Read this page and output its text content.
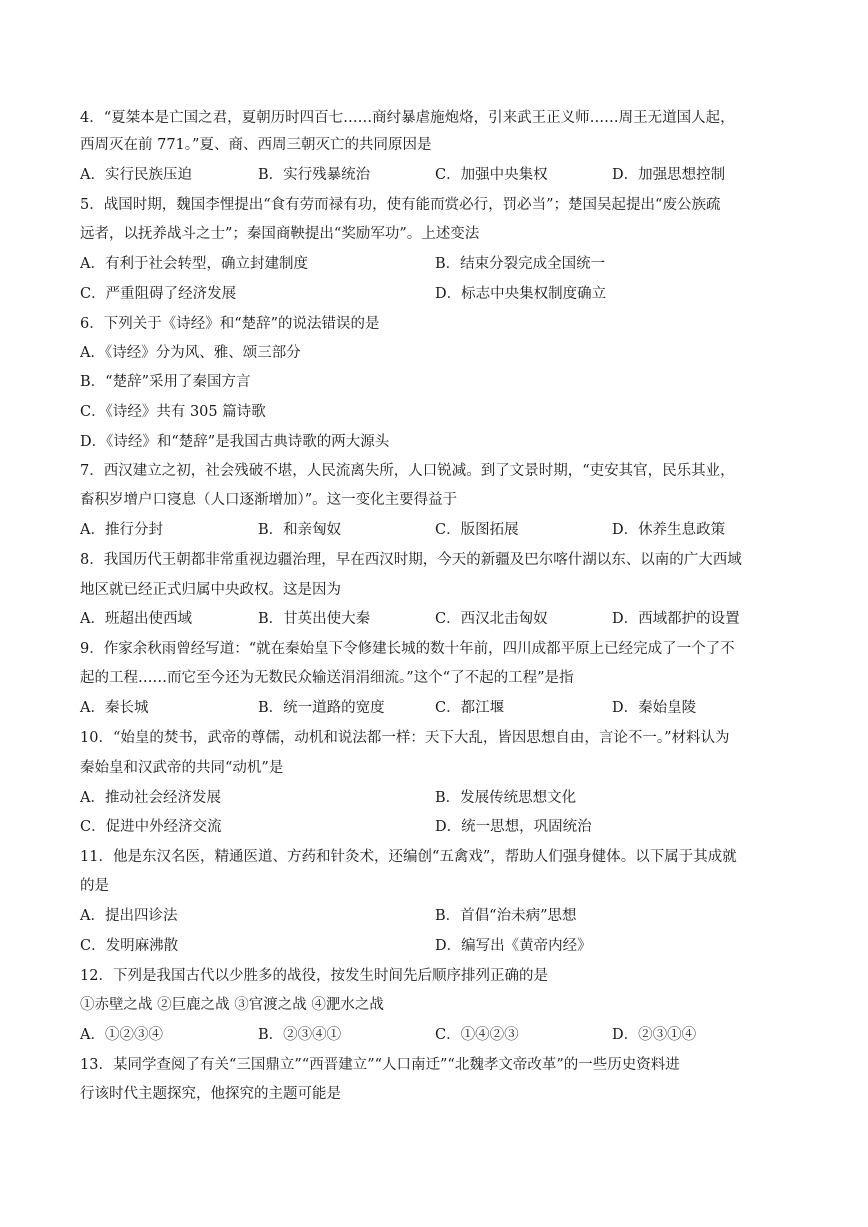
4．“夏桀本是亡国之君，夏朝历时四百七……商纣暴虐施炮烙，引来武王正义师……周王无道国人起，
西周灭在前 771。”夏、商、西周三朝灭亡的共同原因是
A．实行民族压迫	B．实行残暴统治	C．加强中央集权	D．加强思想控制
5．战国时期，魏国李悝提出“食有劳而禄有功，使有能而赏必行，罚必当”；楚国吴起提出“废公族疏
远者，以抚养战斗之士”；秦国商鞅提出“奖励军功”。上述变法
A．有利于社会转型，确立封建制度	B．结束分裂完成全国统一
C．严重阻碍了经济发展	D．标志中央集权制度确立
6．下列关于《诗经》和“楚辞”的说法错误的是
A．《诗经》分为风、雅、颂三部分
B．“楚辞”采用了秦国方言
C．《诗经》共有 305 篇诗歌
D．《诗经》和“楚辞”是我国古典诗歌的两大源头
7．西汉建立之初，社会残破不堪，人民流离失所，人口锐减。到了文景时期，“吏安其官，民乐其业，
畜积岁增户口寖息（人口逐渐增加）”。这一变化主要得益于
A．推行分封	B．和亲匈奴	C．版图拓展	D．休养生息政策
8．我国历代王朝都非常重视边疆治理，早在西汉时期，今天的新疆及巴尔喀什湖以东、以南的广大西域
地区就已经正式归属中央政权。这是因为
A．班超出使西域	B．甘英出使大秦	C．西汉北击匈奴	D．西域都护的设置
9．作家余秋雨曾经写道：“就在秦始皇下令修建长城的数十年前，四川成都平原上已经完成了一个了不
起的工程……而它至今还为无数民众输送涓涓细流。”这个“了不起的工程”是指
A．秦长城	B．统一道路的宽度	C．都江堰	D．秦始皇陵
10．“始皇的焚书，武帝的尊儒，动机和说法都一样：天下大乱，皆因思想自由，言论不一。”材料认为
秦始皇和汉武帝的共同“动机”是
A．推动社会经济发展	B．发展传统思想文化
C．促进中外经济交流	D．统一思想，巩固统治
11．他是东汉名医，精通医道、方药和针灸术，还编创“五禽戏”，帮助人们强身健体。以下属于其成就
的是
A．提出四诊法	B．首倡“治未病”思想
C．发明麻沸散	D．编写出《黄帝内经》
12．下列是我国古代以少胜多的战役，按发生时间先后顺序排列正确的是
①赤壁之战 ②巨鹿之战 ③官渡之战 ④淝水之战
A．①②③④	B．②③④①	C．①④②③	D．②③①④
13．某同学查阅了有关“三国鼎立”“西晋建立”“人口南迁”“北魏孝文帝改革”的一些历史资料进
行该时代主题探究，他探究的主题可能是
